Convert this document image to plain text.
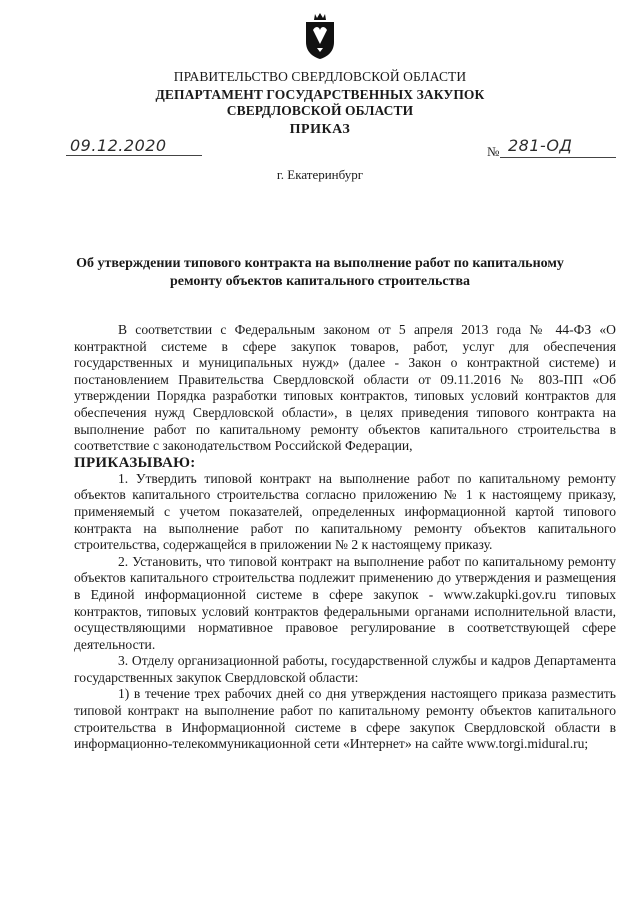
ПРАВИТЕЛЬСТВО СВЕРДЛОВСКОЙ ОБЛАСТИ
ДЕПАРТАМЕНТ ГОСУДАРСТВЕННЫХ ЗАКУПОК
СВЕРДЛОВСКОЙ ОБЛАСТИ
ПРИКАЗ
09.12.2020	№ 281-ОД
г. Екатеринбург
Об утверждении типового контракта на выполнение работ по капитальному
ремонту объектов капитального строительства

В соответствии с Федеральным законом от 5 апреля 2013 года № 44-ФЗ «О контрактной системе в сфере закупок товаров, работ, услуг для обеспечения государственных и муниципальных нужд» (далее - Закон о контрактной системе) и постановлением Правительства Свердловской области от 09.11.2016 № 803-ПП «Об утверждении Порядка разработки типовых контрактов, типовых условий контрактов для обеспечения нужд Свердловской области», в целях приведения типового контракта на выполнение работ по капитальному ремонту объектов капитального строительства в соответствие с законодательством Российской Федерации,

ПРИКАЗЫВАЮ:

1. Утвердить типовой контракт на выполнение работ по капитальному ремонту объектов капитального строительства согласно приложению № 1 к настоящему приказу, применяемый с учетом показателей, определенных информационной картой типового контракта на выполнение работ по капитальному ремонту объектов капитального строительства, содержащейся в приложении № 2 к настоящему приказу.

2. Установить, что типовой контракт на выполнение работ по капитальному ремонту объектов капитального строительства подлежит применению до утверждения и размещения в Единой информационной системе в сфере закупок - www.zakupki.gov.ru типовых контрактов, типовых условий контрактов федеральными органами исполнительной власти, осуществляющими нормативное правовое регулирование в соответствующей сфере деятельности.

3. Отделу организационной работы, государственной службы и кадров Департамента государственных закупок Свердловской области:

1) в течение трех рабочих дней со дня утверждения настоящего приказа разместить типовой контракт на выполнение работ по капитальному ремонту объектов капитального строительства в Информационной системе в сфере закупок Свердловской области в информационно-телекоммуникационной сети «Интернет» на сайте www.torgi.midural.ru;
